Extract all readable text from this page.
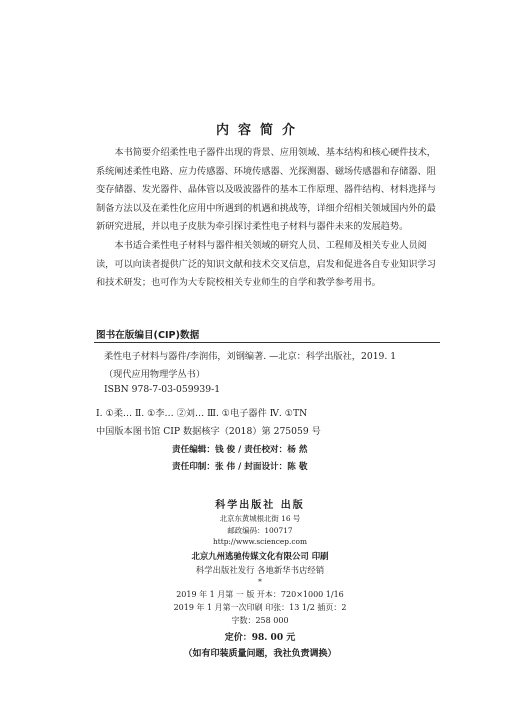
内容简介

本书简要介绍柔性电子器件出现的背景、应用领域、基本结构和核心硬件技术，系统阐述柔性电路、应力传感器、环境传感器、光探测器、磁场传感器和存储器、阻变存储器、发光器件、晶体管以及吸波器件的基本工作原理、器件结构、材料选择与制备方法以及在柔性化应用中所遇到的机遇和挑战等，详细介绍相关领域国内外的最新研究进展，并以电子皮肤为牵引探讨柔性电子材料与器件未来的发展趋势。

本书适合柔性电子材料与器件相关领域的研究人员、工程师及相关专业人员阅读，可以向读者提供广泛的知识文献和技术交叉信息，启发和促进各自专业知识学习和技术研发；也可作为大专院校相关专业师生的自学和教学参考用书。

图书在版编目(CIP)数据
柔性电子材料与器件/李润伟，刘钢编著. —北京：科学出版社，2019. 1
（现代应用物理学丛书）
ISBN 978-7-03-059939-1
Ⅰ. ①柔… Ⅱ. ①李… ②刘… Ⅲ. ①电子器件 Ⅳ. ①TN
中国版本图书馆 CIP 数据核字（2018）第 275059 号
责任编辑：钱 俊 / 责任校对：杨 然
责任印制：张 伟 / 封面设计：陈 敬
科学出版社 出版
北京东黄城根北街 16 号
邮政编码：100717
http://www.sciencep.com
北京九州逃驰传媒文化有限公司 印刷
科学出版社发行 各地新华书店经销
*
2019 年 1 月第 一 版 开本：720×1000 1/16
2019 年 1 月第一次印刷 印张：13 1/2 插页：2
字数：258 000
定价：98. 00 元
（如有印装质量问题，我社负责调换）
